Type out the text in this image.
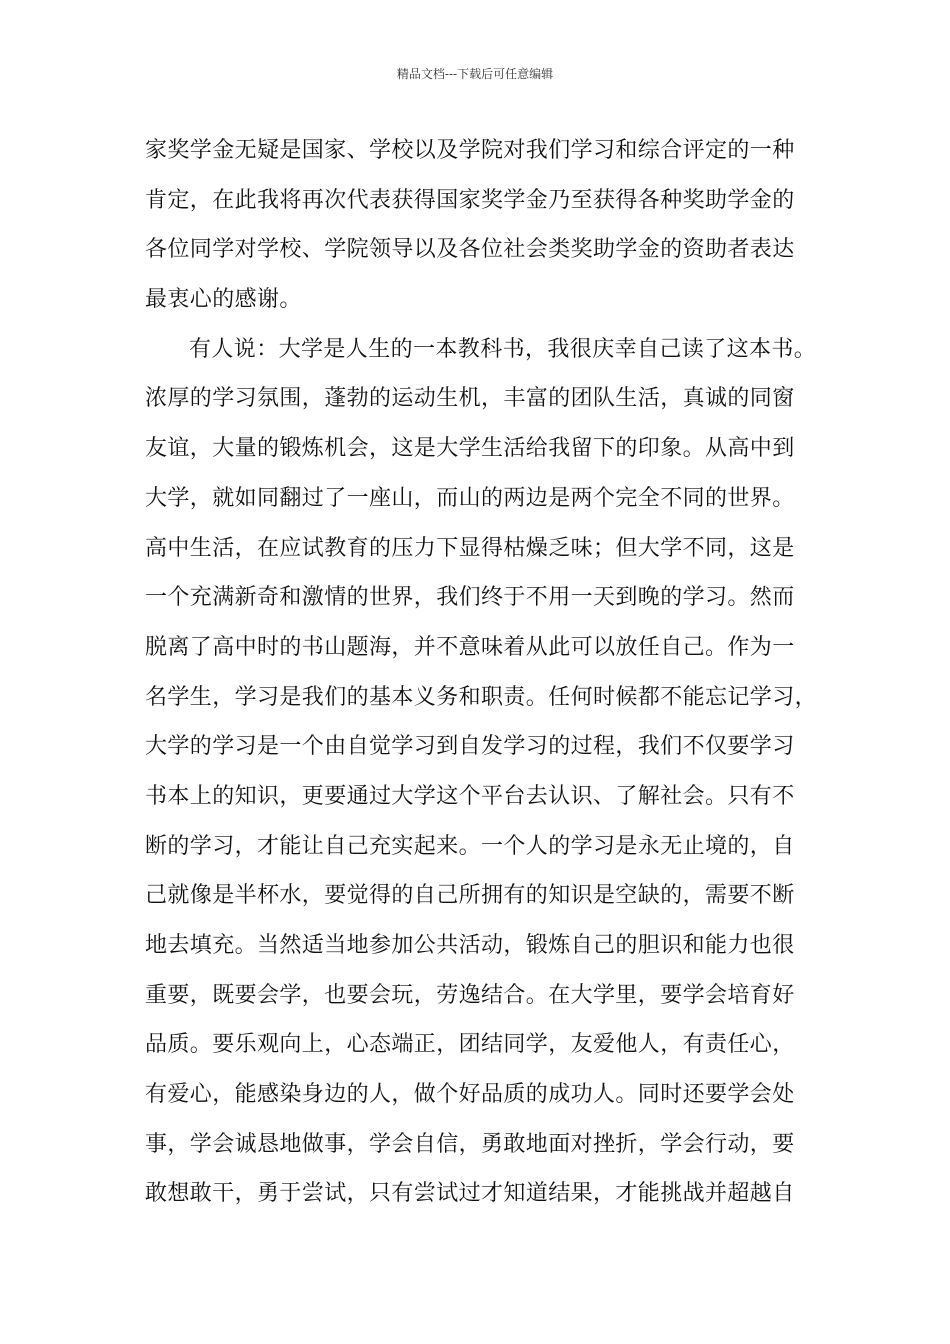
精品文档---下载后可任意编辑
家奖学金无疑是国家、学校以及学院对我们学习和综合评定的一种
肯定，在此我将再次代表获得国家奖学金乃至获得各种奖助学金的
各位同学对学校、学院领导以及各位社会类奖助学金的资助者表达
最衷心的感谢。
有人说：大学是人生的一本教科书，我很庆幸自己读了这本书。
浓厚的学习氛围，蓬勃的运动生机，丰富的团队生活，真诚的同窗
友谊，大量的锻炼机会，这是大学生活给我留下的印象。从高中到
大学，就如同翻过了一座山，而山的两边是两个完全不同的世界。
高中生活，在应试教育的压力下显得枯燥乏味；但大学不同，这是
一个充满新奇和激情的世界，我们终于不用一天到晚的学习。然而
脱离了高中时的书山题海，并不意味着从此可以放任自己。作为一
名学生，学习是我们的基本义务和职责。任何时候都不能忘记学习，
大学的学习是一个由自觉学习到自发学习的过程，我们不仅要学习
书本上的知识，更要通过大学这个平台去认识、了解社会。只有不
断的学习，才能让自己充实起来。一个人的学习是永无止境的，自
己就像是半杯水，要觉得的自己所拥有的知识是空缺的，需要不断
地去填充。当然适当地参加公共活动，锻炼自己的胆识和能力也很
重要，既要会学，也要会玩，劳逸结合。在大学里，要学会培育好
品质。要乐观向上，心态端正，团结同学，友爱他人，有责任心，
有爱心，能感染身边的人，做个好品质的成功人。同时还要学会处
事，学会诚恳地做事，学会自信，勇敢地面对挫折，学会行动，要
敢想敢干，勇于尝试，只有尝试过才知道结果，才能挑战并超越自
